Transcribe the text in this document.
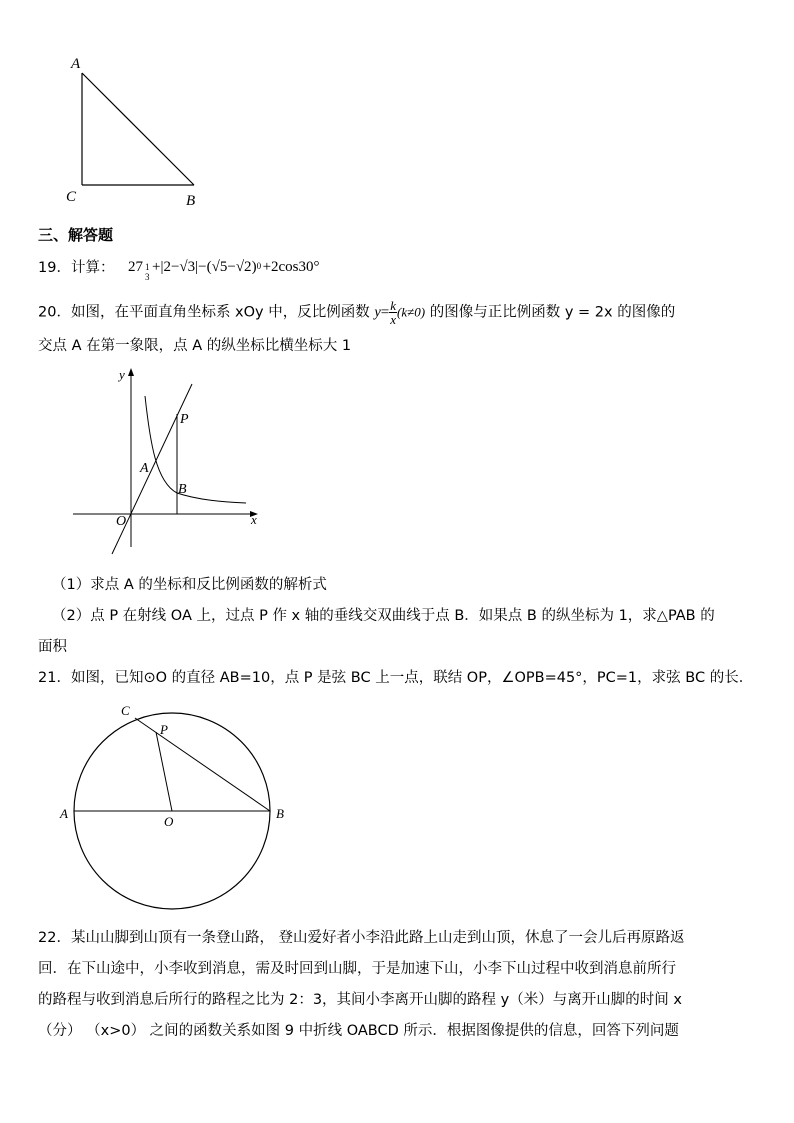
A
C	B
三、解答题
19．计算： 27 1
3
+|2−√3|−(√5−√2) 0 +2cos30°
20．如图，在平面直角坐标系 xOy 中，反比例函数 $y= \frac{k}{x} (k\ne 0)$ 的图像与正比例函数 y = 2x 的图像的
交点 A 在第一象限，点 A 的纵坐标比横坐标大 1
y
x
O
A
B
P
（1）求点 A 的坐标和反比例函数的解析式
（2）点 P 在射线 OA 上，过点 P 作 x 轴的垂线交双曲线于点 B．如果点 B 的纵坐标为 1，求△PAB 的
面积
21．如图，已知⊙O 的直径 AB=10，点 P 是弦 BC 上一点，联结 OP，∠OPB=45°，PC=1，求弦 BC 的长．
C
P
A
O
B
22．某山山脚到山顶有一条登山路， 登山爱好者小李沿此路上山走到山顶，休息了一会儿后再原路返
回．在下山途中，小李收到消息，需及时回到山脚，于是加速下山，小李下山过程中收到消息前所行
的路程与收到消息后所行的路程之比为 2：3，其间小李离开山脚的路程 y（米）与离开山脚的时间 x
（分） （x>0） 之间的函数关系如图 9 中折线 OABCD 所示．根据图像提供的信息，回答下列问题
